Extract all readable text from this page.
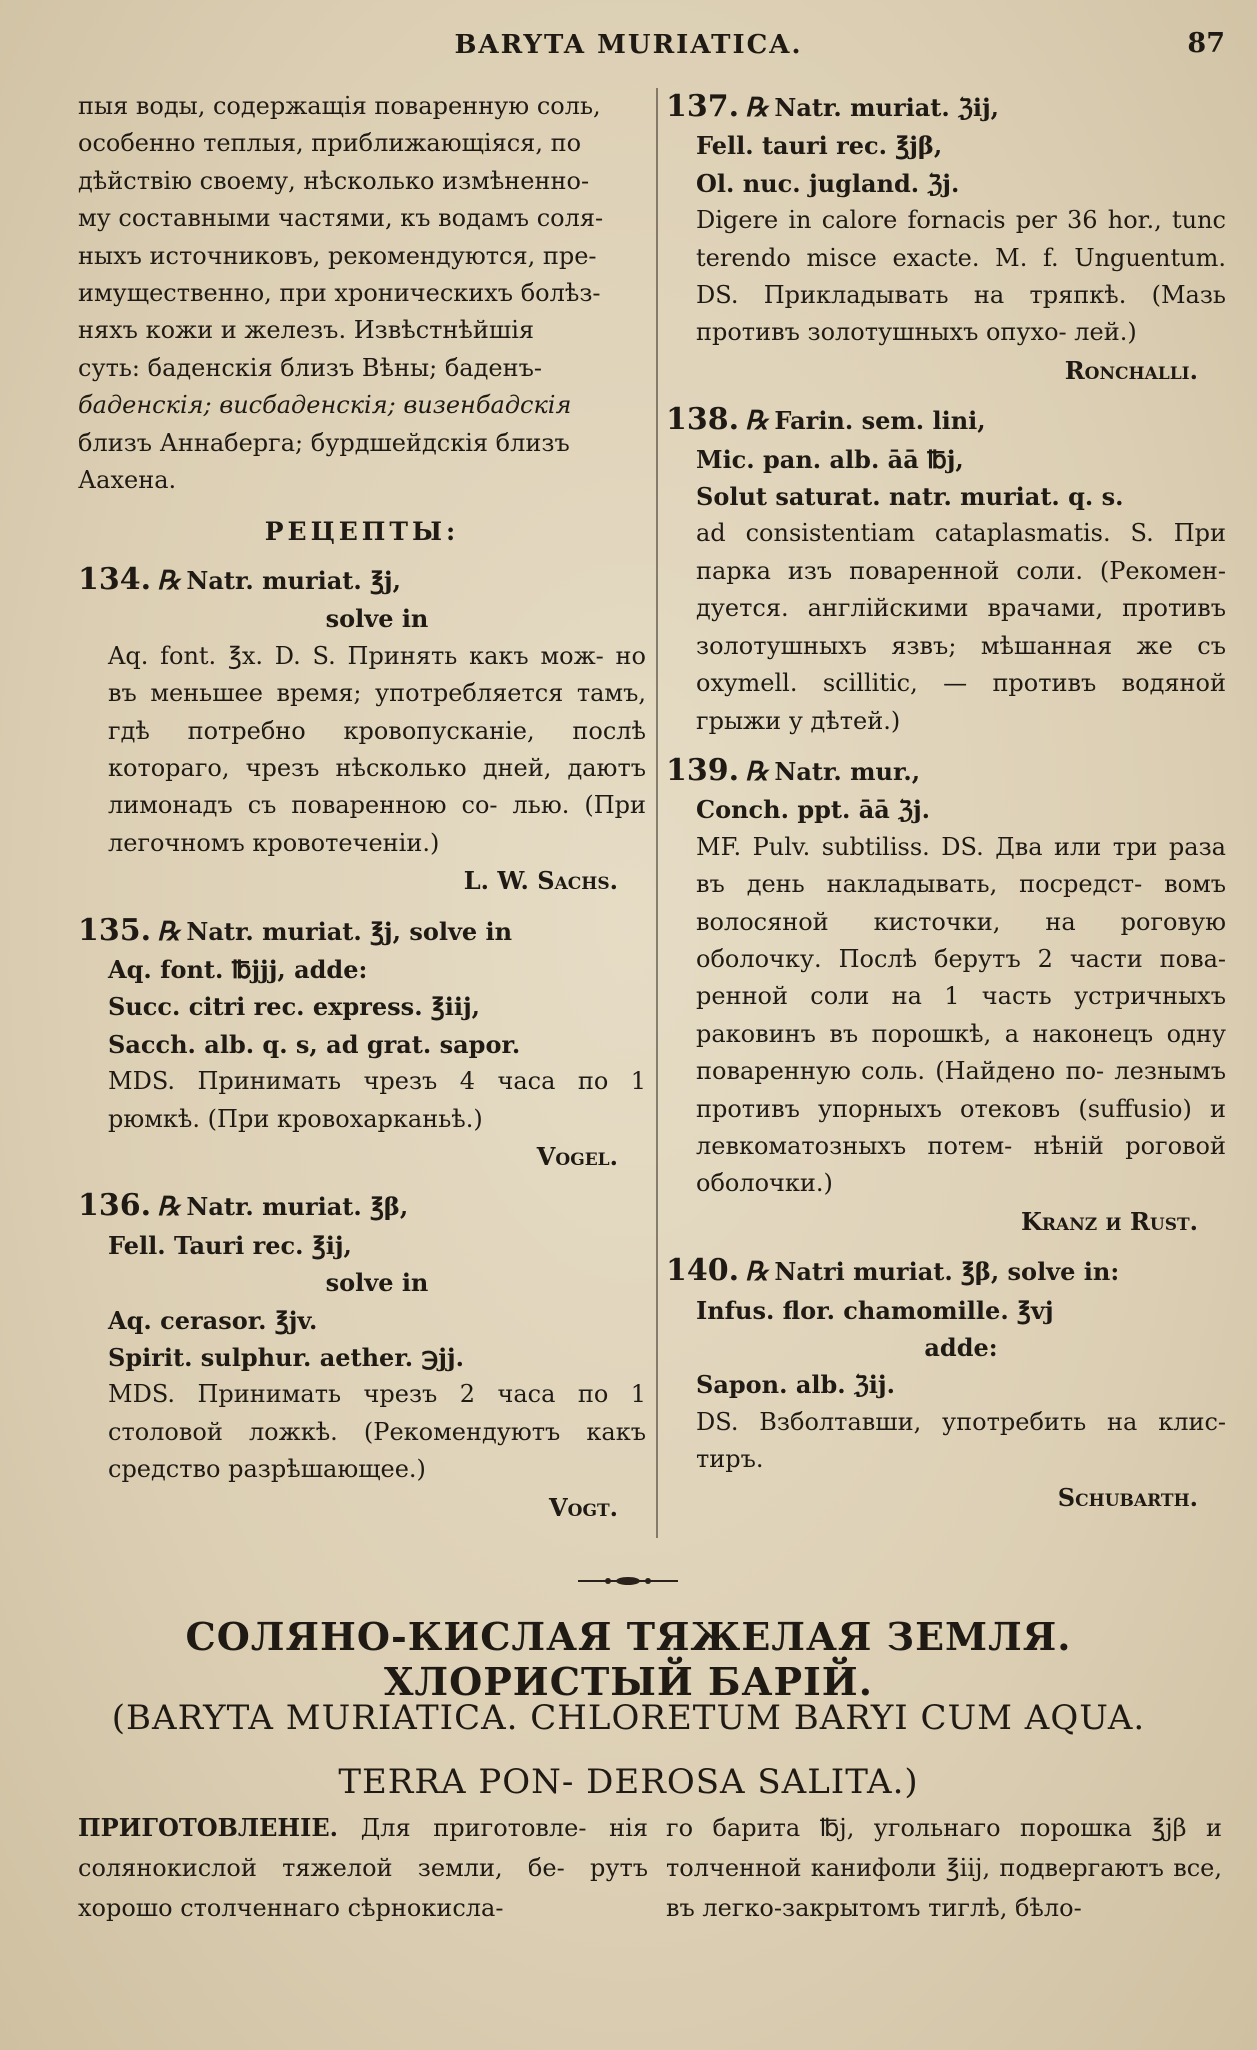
BARYTA MURIATICA.	87
пыя воды, содержащія поваренную соль,
особенно теплыя, приближающіяся, по
дѣйствію своему, нѣсколько измѣненно-
му составными частями, къ водамъ соля-
ныхъ источниковъ, рекомендуются, пре-
имущественно, при хроническихъ болѣз-
няхъ кожи и железъ. Извѣстнѣйшія
суть: баденскія близъ Вѣны; баденъ-
баденскія; висбаденскія; визенбадскія
близъ Аннаберга; бурдшейдскія близъ
Аахена.
РЕЦЕПТЫ:
134. ℞ Natr. muriat. ℥j,
solve in
Aq. font. ℥x. D. S. Принять какъ мож- но въ меньшее время; употребляется тамъ, гдѣ потребно кровопусканіе, послѣ котораго, чрезъ нѣсколько дней, даютъ лимонадъ съ поваренною со- лью. (При легочномъ кровотеченіи.)
L. W. Sachs.
135. ℞ Natr. muriat. ℥j, solve in
Aq. font. ℔jjj, adde:
Succ. citri rec. express. ℥iij,
Sacch. alb. q. s, ad grat. sapor.
MDS. Принимать чрезъ 4 часа по 1 рюмкѣ. (При кровохарканьѣ.)
Vogel.
136. ℞ Natr. muriat. ℥β,
Fell. Tauri rec. ℥ij,
solve in
Aq. cerasor. ℥jv.
Spirit. sulphur. aether. ℈jj.
MDS. Принимать чрезъ 2 часа по 1 столовой ложкѣ. (Рекомендуютъ какъ средство разрѣшающее.)
Vogt.
137. ℞ Natr. muriat. ℨij,
Fell. tauri rec. ℥jβ,
Ol. nuc. jugland. ℨj.
Digere in calore fornacis per 36 hor., tunc terendo misce exacte. M. f. Unguentum. DS. Прикладывать на тряпкѣ. (Мазь противъ золотушныхъ опухо- лей.)
Ronchalli.
138. ℞ Farin. sem. lini,
Mic. pan. alb. āā ℔j,
Solut saturat. natr. muriat. q. s.
ad consistentiam cataplasmatis. S. При парка изъ поваренной соли. (Рекомен- дуется. англійскими врачами, противъ золотушныхъ язвъ; мѣшанная же съ oxymell. scillitic, — противъ водяной грыжи у дѣтей.)
139. ℞ Natr. mur.,
Conch. ppt. āā ℨj.
MF. Pulv. subtiliss. DS. Два или три раза въ день накладывать, посредст- вомъ волосяной кисточки, на роговую оболочку. Послѣ берутъ 2 части пова- ренной соли на 1 часть устричныхъ раковинъ въ порошкѣ, а наконецъ одну поваренную соль. (Найдено по- лезнымъ противъ упорныхъ отековъ (suffusio) и левкоматозныхъ потем- нѣній роговой оболочки.)
Kranz и Rust.
140. ℞ Natri muriat. ℥β, solve in:
Infus. flor. chamomille. ℥vj
adde:
Sapon. alb. ℨij.
DS. Взболтавши, употребить на клис- тиръ.
Schubarth.
СОЛЯНО-КИСЛАЯ ТЯЖЕЛАЯ ЗЕМЛЯ. ХЛОРИСТЫЙ БАРІЙ.
(BARYTA MURIATICA. CHLORETUM BARYI CUM AQUA. TERRA PON- DEROSA SALITA.)
ПРИГОТОВЛЕНІЕ. Для приготовле- нія солянокислой тяжелой земли, бе- рутъ хорошо столченнаго сѣрнокисла-
го барита ℔j, угольнаго порошка ℥jβ и толченной канифоли ℥iij, подвергаютъ все, въ легко-закрытомъ тиглѣ, бѣло-
